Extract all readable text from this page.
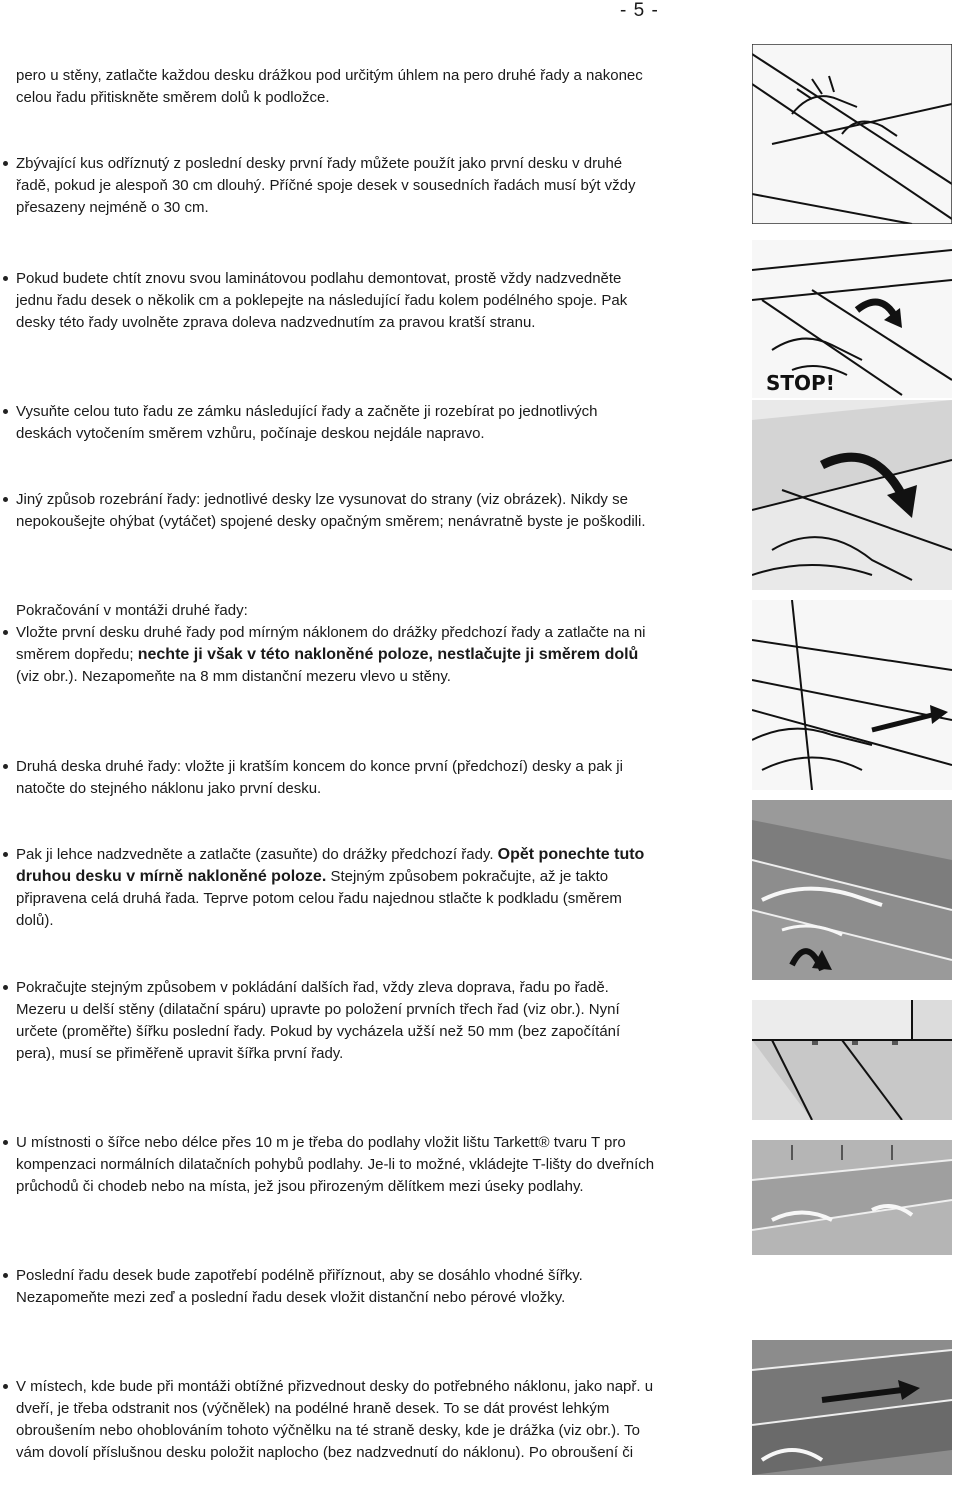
- 5 -
pero u stěny, zatlačte každou desku drážkou pod určitým úhlem na pero druhé řady a nakonec celou řadu přitiskněte směrem dolů k podložce.
Zbývající kus odříznutý z poslední desky první řady můžete použít jako první desku v druhé řadě, pokud je alespoň 30 cm dlouhý. Příčné spoje desek v sousedních řadách musí být vždy přesazeny nejméně o 30 cm.
Pokud budete chtít znovu svou laminátovou podlahu demontovat, prostě vždy nadzvedněte jednu řadu desek o několik cm a poklepejte na následující řadu kolem podélného spoje. Pak desky této řady uvolněte zprava doleva nadzvednutím za pravou kratší stranu.
Vysuňte celou tuto řadu ze zámku následující řady a začněte ji rozebírat po jednotlivých deskách vytočením směrem vzhůru, počínaje deskou nejdále napravo.
Jiný způsob rozebrání řady: jednotlivé desky lze vysunovat do strany (viz obrázek). Nikdy se nepokoušejte ohýbat (vytáčet) spojené desky opačným směrem; nenávratně byste je poškodili.
Pokračování v montáži druhé řady:
Vložte první desku druhé řady pod mírným náklonem do drážky předchozí řady a zatlačte na ni směrem dopředu; nechte ji však v této nakloněné poloze, nestlačujte ji směrem dolů (viz obr.). Nezapomeňte na 8 mm distanční mezeru vlevo u stěny.
Druhá deska druhé řady: vložte ji kratším koncem do konce první (předchozí) desky a pak ji natočte do stejného náklonu jako první desku.
Pak ji lehce nadzvedněte a zatlačte (zasuňte) do drážky předchozí řady. Opět ponechte tuto druhou desku v mírně nakloněné poloze. Stejným způsobem pokračujte, až je takto připravena celá druhá řada. Teprve potom celou řadu najednou stlačte k podkladu (směrem dolů).
Pokračujte stejným způsobem v pokládání dalších řad, vždy zleva doprava, řadu po řadě. Mezeru u delší stěny (dilatační spáru) upravte po položení prvních třech řad (viz obr.). Nyní určete (proměřte) šířku poslední řady. Pokud by vycházela užší než 50 mm (bez započítání pera), musí se přiměřeně upravit šířka první řady.
U místnosti o šířce nebo délce přes 10 m je třeba do podlahy vložit lištu Tarkett® tvaru T pro kompenzaci normálních dilatačních pohybů podlahy. Je-li to možné, vkládejte T-lišty do dveřních průchodů či chodeb nebo na místa, jež jsou přirozeným dělítkem mezi úseky podlahy.
Poslední řadu desek bude zapotřebí podélně přiříznout, aby se dosáhlo vhodné šířky. Nezapomeňte mezi zeď a poslední řadu desek vložit distanční nebo pérové vložky.
V místech, kde bude při montáži obtížné přizvednout desky do potřebného náklonu, jako např. u dveří, je třeba odstranit nos (výčnělek) na podélné hraně desek. To se dát provést lehkým obroušením nebo ohoblováním tohoto výčnělku na té straně desky, kde je drážka (viz obr.). To vám dovolí příslušnou desku položit naplocho (bez nadzvednutí do náklonu). Po obroušení či
STOP!
